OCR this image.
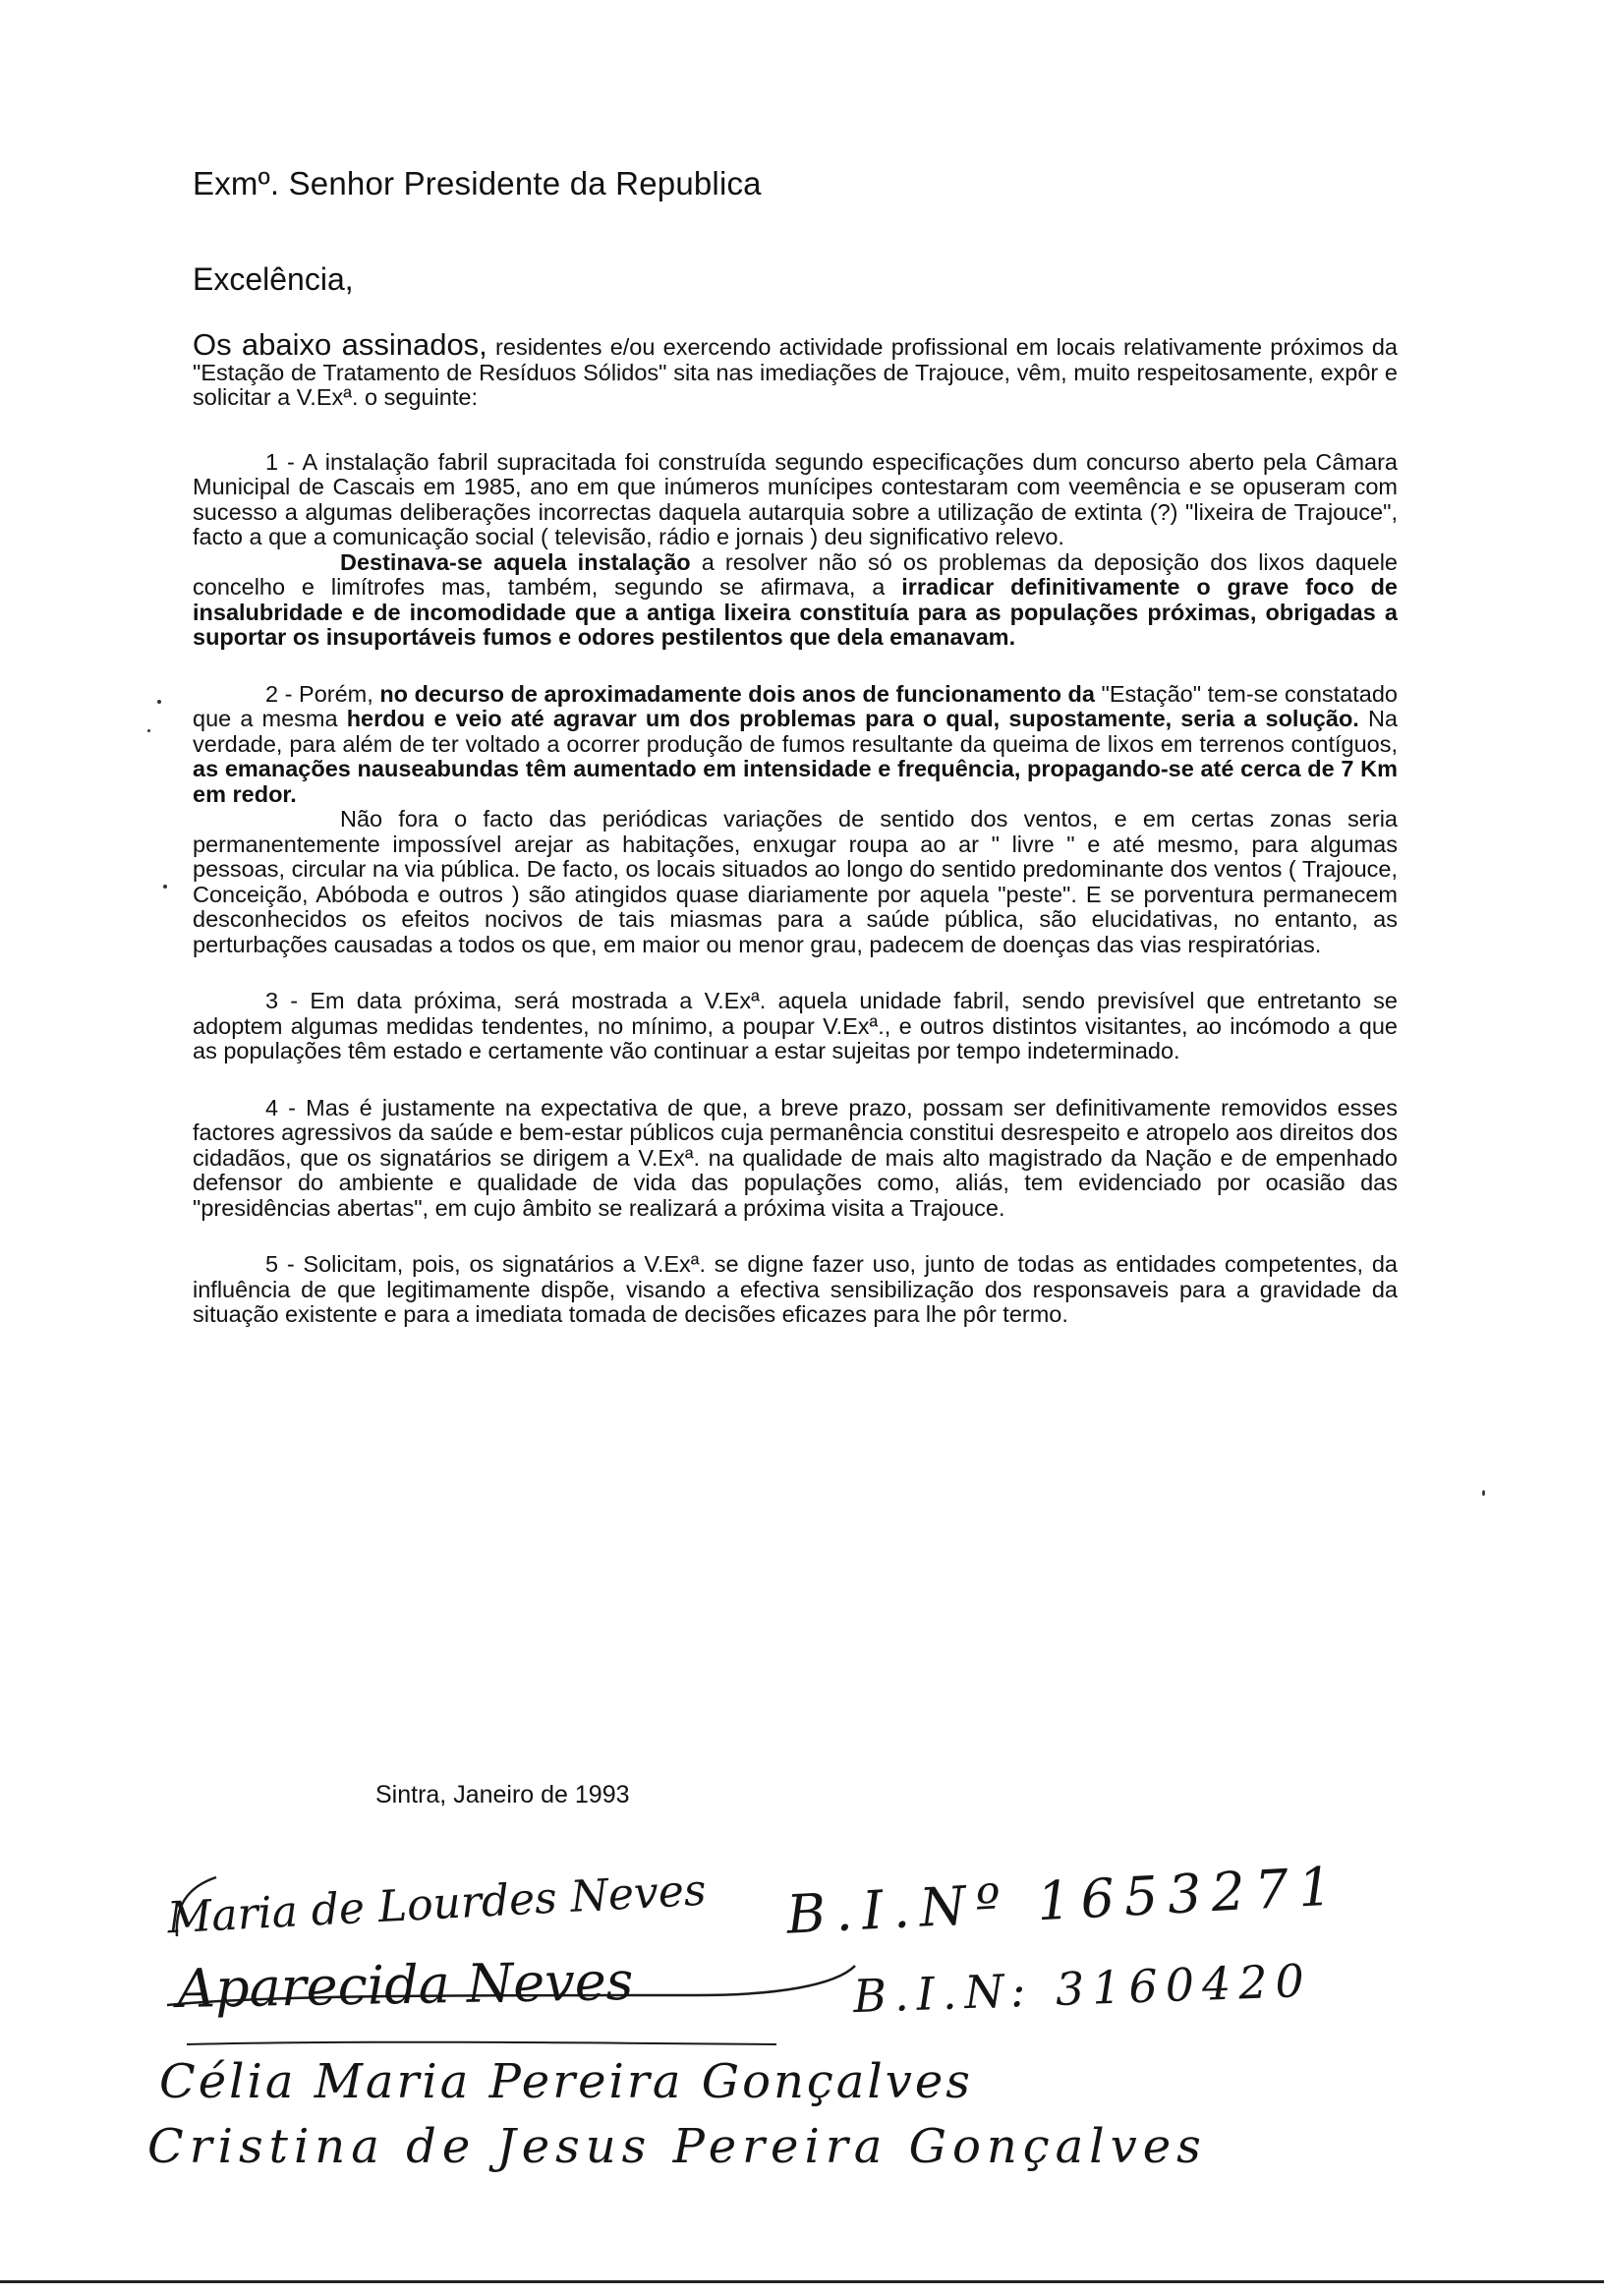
Exmº. Senhor Presidente da Republica
Excelência,

Os abaixo assinados, residentes e/ou exercendo actividade profissional em locais relativamente próximos da "Estação de Tratamento de Resíduos Sólidos" sita nas imediações de Trajouce, vêm, muito respeitosamente, expôr e solicitar a V.Exª. o seguinte:

1 - A instalação fabril supracitada foi construída segundo especificações dum concurso aberto pela Câmara Municipal de Cascais em 1985, ano em que inúmeros munícipes contestaram com veemência e se opuseram com sucesso a algumas deliberações incorrectas daquela autarquia sobre a utilização de extinta (?) "lixeira de Trajouce", facto a que a comunicação social ( televisão, rádio e jornais ) deu significativo relevo.

Destinava-se aquela instalação a resolver não só os problemas da deposição dos lixos daquele concelho e limítrofes mas, também, segundo se afirmava, a irradicar definitivamente o grave foco de insalubridade e de incomodidade que a antiga lixeira constituía para as populações próximas, obrigadas a suportar os insuportáveis fumos e odores pestilentos que dela emanavam.

2 - Porém, no decurso de aproximadamente dois anos de funcionamento da "Estação" tem-se constatado que a mesma herdou e veio até agravar um dos problemas para o qual, supostamente, seria a solução. Na verdade, para além de ter voltado a ocorrer produção de fumos resultante da queima de lixos em terrenos contíguos, as emanações nauseabundas têm aumentado em intensidade e frequência, propagando-se até cerca de 7 Km em redor.

Não fora o facto das periódicas variações de sentido dos ventos, e em certas zonas seria permanentemente impossível arejar as habitações, enxugar roupa ao ar " livre " e até mesmo, para algumas pessoas, circular na via pública. De facto, os locais situados ao longo do sentido predominante dos ventos ( Trajouce, Conceição, Abóboda e outros ) são atingidos quase diariamente por aquela "peste". E se porventura permanecem desconhecidos os efeitos nocivos de tais miasmas para a saúde pública, são elucidativas, no entanto, as perturbações causadas a todos os que, em maior ou menor grau, padecem de doenças das vias respiratórias.

3 - Em data próxima, será mostrada a V.Exª. aquela unidade fabril, sendo previsível que entretanto se adoptem algumas medidas tendentes, no mínimo, a poupar V.Exª., e outros distintos visitantes, ao incómodo a que as populações têm estado e certamente vão continuar a estar sujeitas por tempo indeterminado.

4 - Mas é justamente na expectativa de que, a breve prazo, possam ser definitivamente removidos esses factores agressivos da saúde e bem-estar públicos cuja permanência constitui desrespeito e atropelo aos direitos dos cidadãos, que os signatários se dirigem a V.Exª. na qualidade de mais alto magistrado da Nação e de empenhado defensor do ambiente e qualidade de vida das populações como, aliás, tem evidenciado por ocasião das "presidências abertas", em cujo âmbito se realizará a próxima visita a Trajouce.

5 - Solicitam, pois, os signatários a V.Exª. se digne fazer uso, junto de todas as entidades competentes, da influência de que legitimamente dispõe, visando a efectiva sensibilização dos responsaveis para a gravidade da situação existente e para a imediata tomada de decisões eficazes para lhe pôr termo.

Sintra, Janeiro de 1993
Maria de Lourdes Neves B.I.Nº 1653271
Aparecida Neves	B.I.N: 3160420
Célia Maria Pereira Gonçalves
Cristina de Jesus Pereira Gonçalves
